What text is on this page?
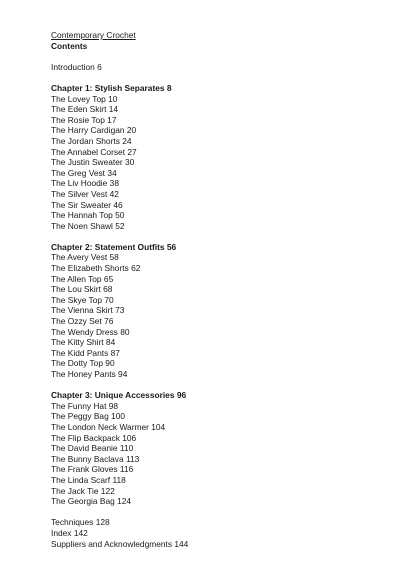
Contemporary Crochet
Contents
Introduction 6
Chapter 1: Stylish Separates 8
The Lovey Top 10
The Eden Skirt 14
The Rosie Top 17
The Harry Cardigan 20
The Jordan Shorts 24
The Annabel Corset 27
The Justin Sweater 30
The Greg Vest 34
The Liv Hoodie 38
The Silver Vest 42
The Sir Sweater 46
The Hannah Top 50
The Noen Shawl 52
Chapter 2: Statement Outfits 56
The Avery Vest 58
The Elizabeth Shorts 62
The Allen Top 65
The Lou Skirt 68
The Skye Top 70
The Vienna Skirt 73
The Ozzy Set 76
The Wendy Dress 80
The Kitty Shirt 84
The Kidd Pants 87
The Dotty Top 90
The Honey Pants 94
Chapter 3: Unique Accessories 96
The Funny Hat 98
The Peggy Bag 100
The London Neck Warmer 104
The Flip Backpack 106
The David Beanie 110
The Bunny Baclava 113
The Frank Gloves 116
The Linda Scarf 118
The Jack Tie 122
The Georgia Bag 124
Techniques 128
Index 142
Suppliers and Acknowledgments 144
